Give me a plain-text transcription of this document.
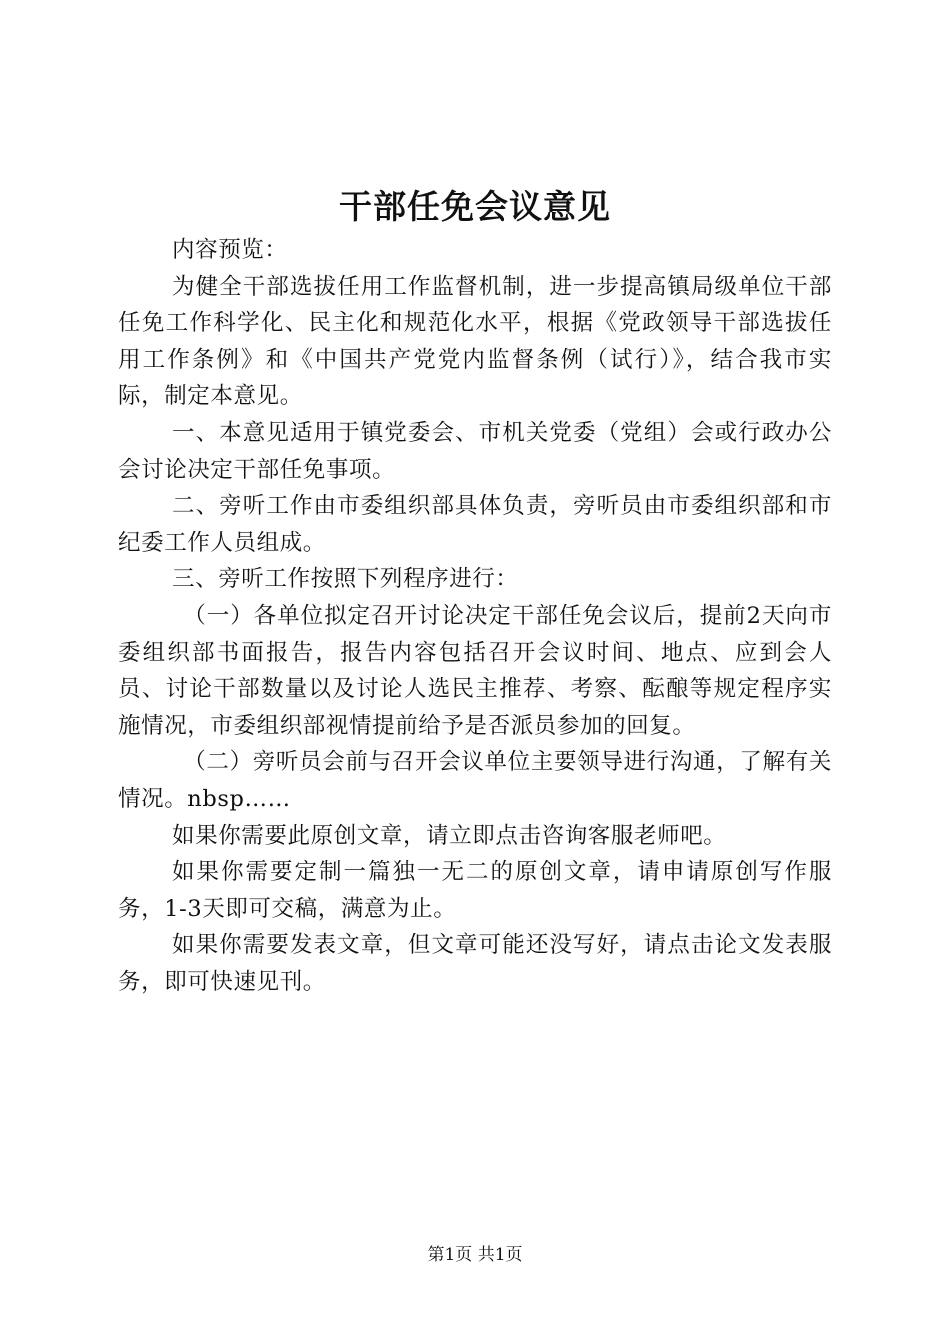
干部任免会议意见

内容预览：

为健全干部选拔任用工作监督机制，进一步提高镇局级单位干部任免工作科学化、民主化和规范化水平，根据《党政领导干部选拔任用工作条例》和《中国共产党党内监督条例（试行）》，结合我市实际，制定本意见。

一、本意见适用于镇党委会、市机关党委（党组）会或行政办公会讨论决定干部任免事项。

二、旁听工作由市委组织部具体负责，旁听员由市委组织部和市纪委工作人员组成。

三、旁听工作按照下列程序进行：

（一）各单位拟定召开讨论决定干部任免会议后，提前2天向市委组织部书面报告，报告内容包括召开会议时间、地点、应到会人员、讨论干部数量以及讨论人选民主推荐、考察、酝酿等规定程序实施情况，市委组织部视情提前给予是否派员参加的回复。

（二）旁听员会前与召开会议单位主要领导进行沟通，了解有关情况。nbsp……

如果你需要此原创文章，请立即点击咨询客服老师吧。

如果你需要定制一篇独一无二的原创文章，请申请原创写作服务，1-3天即可交稿，满意为止。

如果你需要发表文章，但文章可能还没写好，请点击论文发表服务，即可快速见刊。

第1页 共1页
